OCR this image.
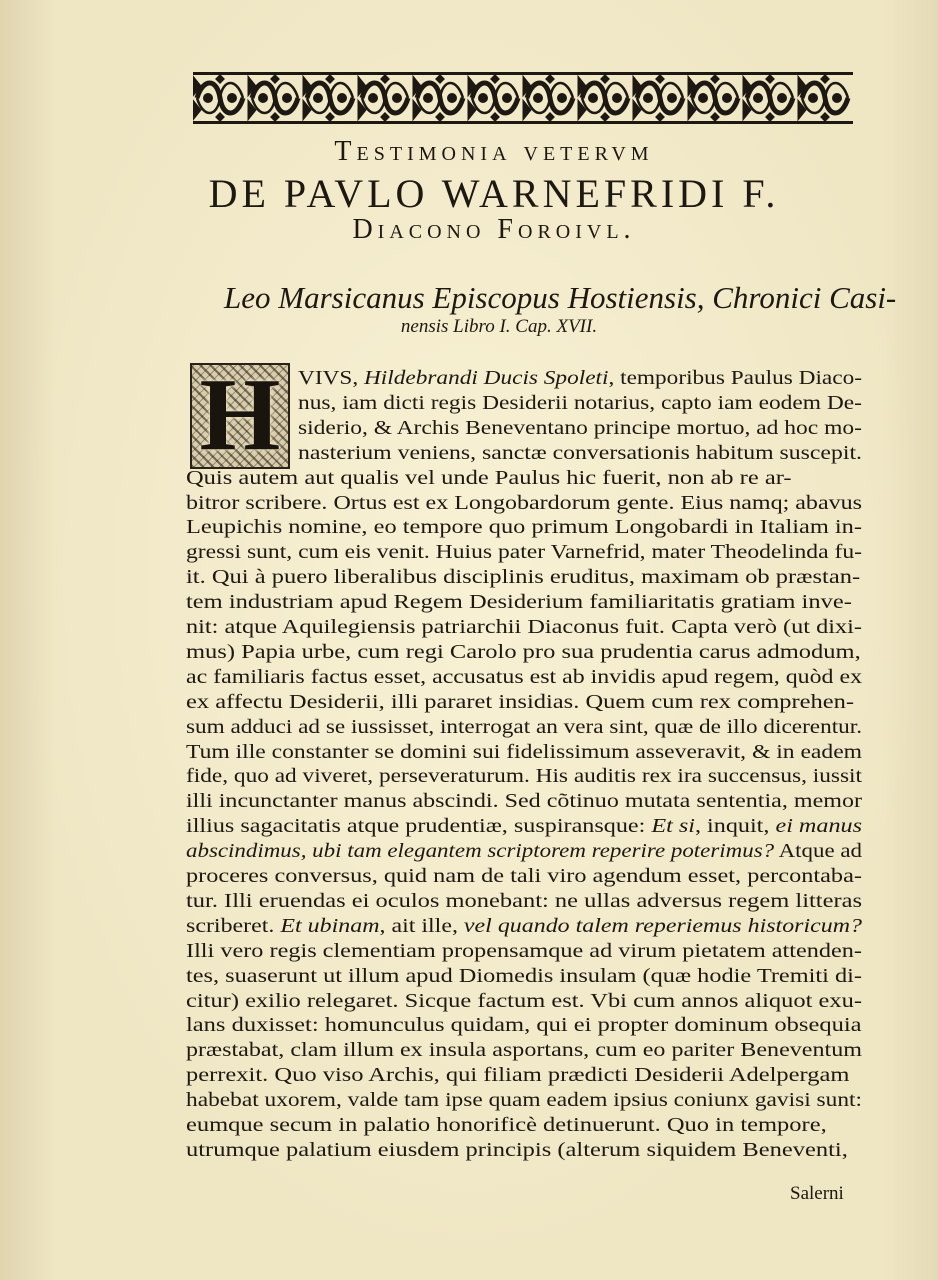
Testimonia vetervm
DE PAVLO WARNEFRIDI F.
Diacono Foroivl.
Leo Marsicanus Episcopus Hostiensis, Chronici Casi-
nensis Libro I. Cap. XVII.
H VIVS, Hildebrandi Ducis Spoleti, temporibus Paulus Diaco-
nus, iam dicti regis Desiderii notarius, capto iam eodem De-
siderio, & Archis Beneventano principe mortuo, ad hoc mo-
nasterium veniens, sanctæ conversationis habitum suscepit.
Quis autem aut qualis vel unde Paulus hic fuerit, non ab re ar-
bitror scribere. Ortus est ex Longobardorum gente. Eius namq; abavus
Leupichis nomine, eo tempore quo primum Longobardi in Italiam in-
gressi sunt, cum eis venit. Huius pater Varnefrid, mater Theodelinda fu-
it. Qui à puero liberalibus disciplinis eruditus, maximam ob præstan-
tem industriam apud Regem Desiderium familiaritatis gratiam inve-
nit: atque Aquilegiensis patriarchii Diaconus fuit. Capta verò (ut dixi-
mus) Papia urbe, cum regi Carolo pro sua prudentia carus admodum,
ac familiaris factus esset, accusatus est ab invidis apud regem, quòd ex
ex affectu Desiderii, illi pararet insidias. Quem cum rex comprehen-
sum adduci ad se iussisset, interrogat an vera sint, quæ de illo dicerentur.
Tum ille constanter se domini sui fidelissimum asseveravit, & in eadem
fide, quo ad viveret, perseveraturum. His auditis rex ira succensus, iussit
illi incunctanter manus abscindi. Sed cõtinuo mutata sententia, memor
illius sagacitatis atque prudentiæ, suspiransque: Et si, inquit, ei manus
abscindimus, ubi tam elegantem scriptorem reperire poterimus? Atque ad
proceres conversus, quid nam de tali viro agendum esset, percontaba-
tur. Illi eruendas ei oculos monebant: ne ullas adversus regem litteras
scriberet. Et ubinam, ait ille, vel quando talem reperiemus historicum?
Illi vero regis clementiam propensamque ad virum pietatem attenden-
tes, suaserunt ut illum apud Diomedis insulam (quæ hodie Tremiti di-
citur) exilio relegaret. Sicque factum est. Vbi cum annos aliquot exu-
lans duxisset: homunculus quidam, qui ei propter dominum obsequia
præstabat, clam illum ex insula asportans, cum eo pariter Beneventum
perrexit. Quo viso Archis, qui filiam prædicti Desiderii Adelpergam
habebat uxorem, valde tam ipse quam eadem ipsius coniunx gavisi sunt:
eumque secum in palatio honorificè detinuerunt. Quo in tempore,
utrumque palatium eiusdem principis (alterum siquidem Beneventi,
Salerni
